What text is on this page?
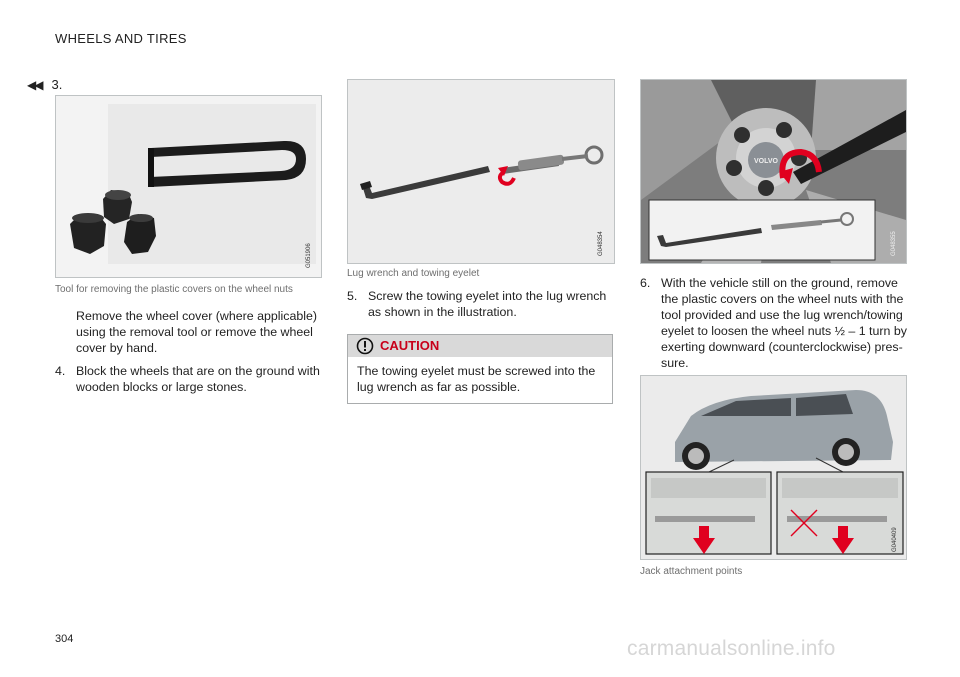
WHEELS AND TIRES
◀◀ 3.
G051906
Tool for removing the plastic covers on the wheel nuts
Remove the wheel cover (where applicable) using the removal tool or remove the wheel cover by hand.
4. Block the wheels that are on the ground with wooden blocks or large stones.
G048354
Lug wrench and towing eyelet
5. Screw the towing eyelet into the lug wrench as shown in the illustration.
CAUTION
The towing eyelet must be screwed into the lug wrench as far as possible.
VOLVO
G048355
6. With the vehicle still on the ground, remove the plastic covers on the wheel nuts with the tool provided and use the lug wrench/towing eyelet to loosen the wheel nuts ½ – 1 turn by exerting downward (counterclockwise) pres-sure.
G040409
Jack attachment points
304	carmanualsonline.info
